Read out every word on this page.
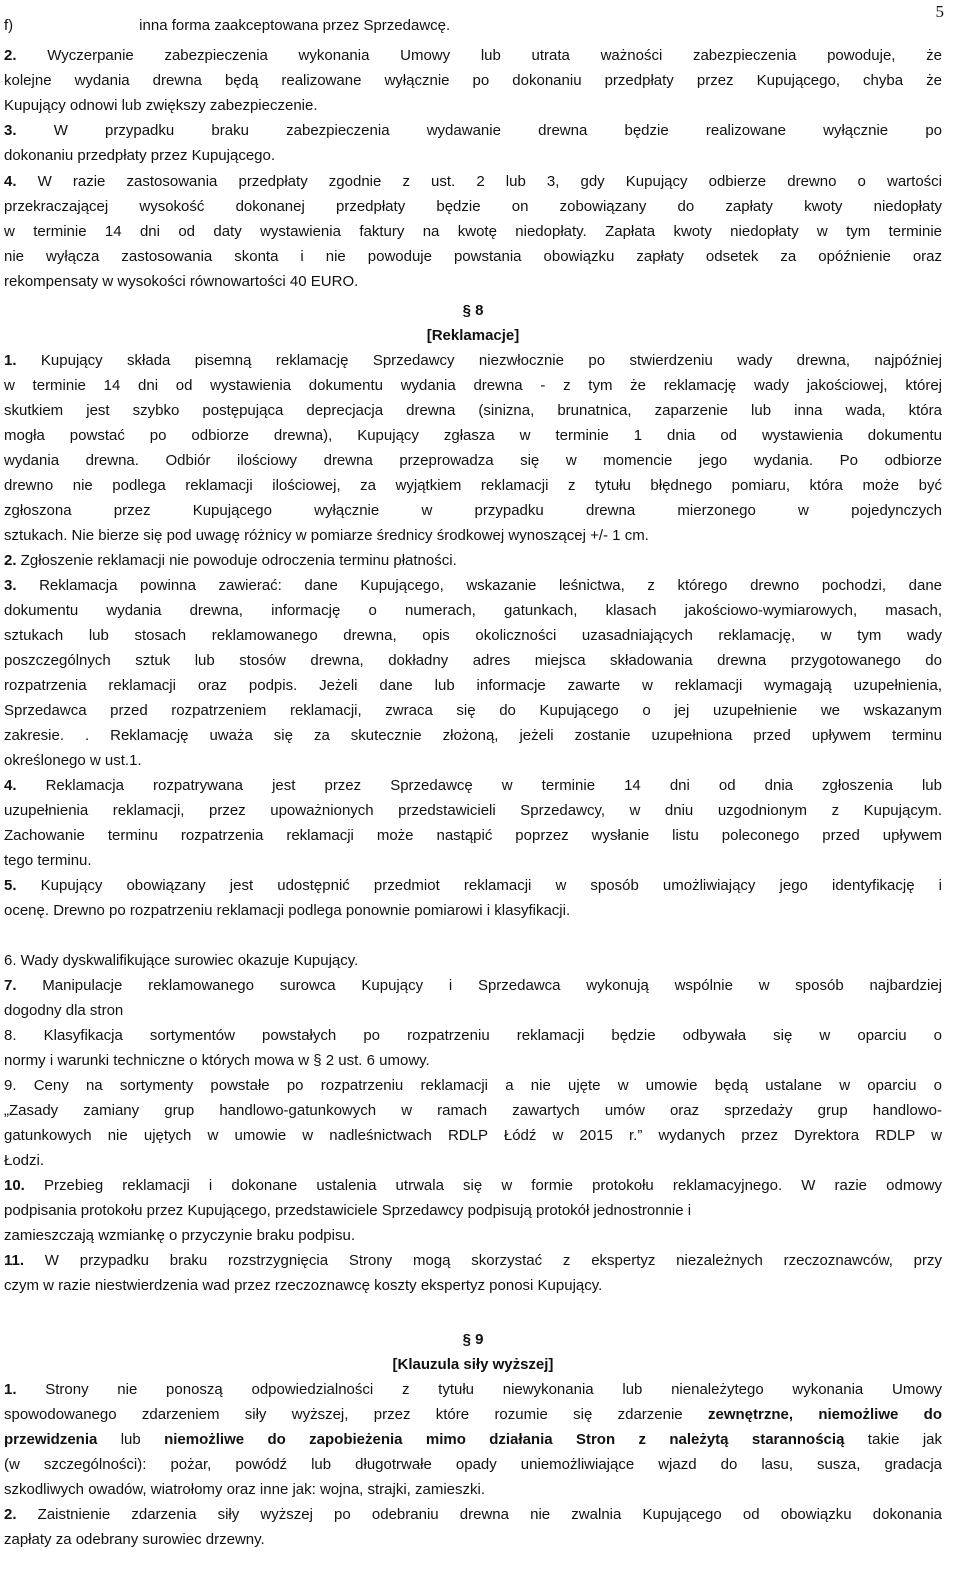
5
f)	inna forma zaakceptowana przez Sprzedawcę.
2. Wyczerpanie zabezpieczenia wykonania Umowy lub utrata ważności zabezpieczenia powoduje, że
kolejne wydania drewna będą realizowane wyłącznie po dokonaniu przedpłaty przez Kupującego, chyba że
Kupujący odnowi lub zwiększy zabezpieczenie.
3. W przypadku braku zabezpieczenia wydawanie drewna będzie realizowane wyłącznie po
dokonaniu przedpłaty przez Kupującego.
4. W razie zastosowania przedpłaty zgodnie z ust. 2 lub 3, gdy Kupujący odbierze drewno o wartości
przekraczającej wysokość dokonanej przedpłaty będzie on zobowiązany do zapłaty kwoty niedopłaty
w terminie 14 dni od daty wystawienia faktury na kwotę niedopłaty. Zapłata kwoty niedopłaty w tym terminie
nie wyłącza zastosowania skonta i nie powoduje powstania obowiązku zapłaty odsetek za opóźnienie oraz
rekompensaty w wysokości równowartości 40 EURO.
§ 8
[Reklamacje]
1. Kupujący składa pisemną reklamację Sprzedawcy niezwłocznie po stwierdzeniu wady drewna, najpóźniej
w terminie 14 dni od wystawienia dokumentu wydania drewna - z tym że reklamację wady jakościowej, której
skutkiem jest szybko postępująca deprecjacja drewna (sinizna, brunatnica, zaparzenie lub inna wada, która
mogła powstać po odbiorze drewna), Kupujący zgłasza w terminie 1 dnia od wystawienia dokumentu
wydania drewna. Odbiór ilościowy drewna przeprowadza się w momencie jego wydania. Po odbiorze
drewno nie podlega reklamacji ilościowej, za wyjątkiem reklamacji z tytułu błędnego pomiaru, która może być
zgłoszona przez Kupującego wyłącznie w przypadku drewna mierzonego w pojedynczych
sztukach. Nie bierze się pod uwagę różnicy w pomiarze średnicy środkowej wynoszącej +/- 1 cm.
2. Zgłoszenie reklamacji nie powoduje odroczenia terminu płatności.
3. Reklamacja powinna zawierać: dane Kupującego, wskazanie leśnictwa, z którego drewno pochodzi, dane
dokumentu wydania drewna, informację o numerach, gatunkach, klasach jakościowo-wymiarowych, masach,
sztukach lub stosach reklamowanego drewna, opis okoliczności uzasadniających reklamację, w tym wady
poszczególnych sztuk lub stosów drewna, dokładny adres miejsca składowania drewna przygotowanego do
rozpatrzenia reklamacji oraz podpis. Jeżeli dane lub informacje zawarte w reklamacji wymagają uzupełnienia,
Sprzedawca przed rozpatrzeniem reklamacji, zwraca się do Kupującego o jej uzupełnienie we wskazanym
zakresie. . Reklamację uważa się za skutecznie złożoną, jeżeli zostanie uzupełniona przed upływem terminu
określonego w ust.1.
4. Reklamacja rozpatrywana jest przez Sprzedawcę w terminie 14 dni od dnia zgłoszenia lub
uzupełnienia reklamacji, przez upoważnionych przedstawicieli Sprzedawcy, w dniu uzgodnionym z Kupującym.
Zachowanie terminu rozpatrzenia reklamacji może nastąpić poprzez wysłanie listu poleconego przed upływem
tego terminu.
5. Kupujący obowiązany jest udostępnić przedmiot reklamacji w sposób umożliwiający jego identyfikację i
ocenę. Drewno po rozpatrzeniu reklamacji podlega ponownie pomiarowi i klasyfikacji.
6. Wady dyskwalifikujące surowiec okazuje Kupujący.
7. Manipulacje reklamowanego surowca Kupujący i Sprzedawca wykonują wspólnie w sposób najbardziej
dogodny dla stron
8. Klasyfikacja sortymentów powstałych po rozpatrzeniu reklamacji będzie odbywała się w oparciu o
normy i warunki techniczne o których mowa w § 2 ust. 6 umowy.
9. Ceny na sortymenty powstałe po rozpatrzeniu reklamacji a nie ujęte w umowie będą ustalane w oparciu o
„Zasady zamiany grup handlowo-gatunkowych w ramach zawartych umów oraz sprzedaży grup handlowo-
gatunkowych nie ujętych w umowie w nadleśnictwach RDLP Łódź w 2015 r.” wydanych przez Dyrektora RDLP w
Łodzi.
10. Przebieg reklamacji i dokonane ustalenia utrwala się w formie protokołu reklamacyjnego. W razie odmowy
podpisania protokołu przez Kupującego, przedstawiciele Sprzedawcy podpisują protokół jednostronnie i
zamieszczają wzmiankę o przyczynie braku podpisu.
11. W przypadku braku rozstrzygnięcia Strony mogą skorzystać z ekspertyz niezależnych rzeczoznawców, przy
czym w razie niestwierdzenia wad przez rzeczoznawcę koszty ekspertyz ponosi Kupujący.
§ 9
[Klauzula siły wyższej]
1. Strony nie ponoszą odpowiedzialności z tytułu niewykonania lub nienależytego wykonania Umowy
spowodowanego zdarzeniem siły wyższej, przez które rozumie się zdarzenie zewnętrzne, niemożliwe do
przewidzenia lub niemożliwe do zapobieżenia mimo działania Stron z należytą starannością takie jak
(w szczególności): pożar, powódź lub długotrwałe opady uniemożliwiające wjazd do lasu, susza, gradacja
szkodliwych owadów, wiatrołomy oraz inne jak: wojna, strajki, zamieszki.
2. Zaistnienie zdarzenia siły wyższej po odebraniu drewna nie zwalnia Kupującego od obowiązku dokonania
zapłaty za odebrany surowiec drzewny.
